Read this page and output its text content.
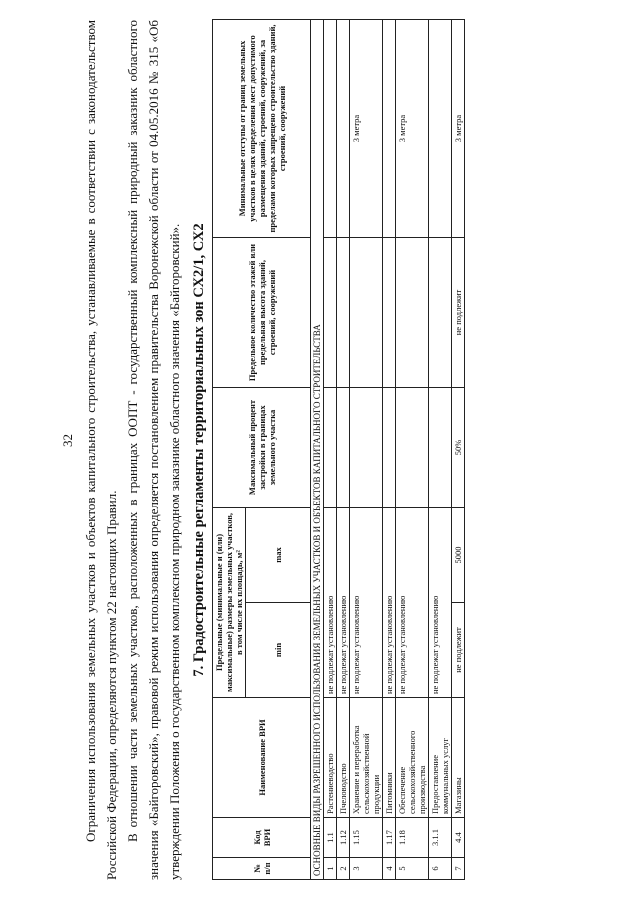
32 Ограничения использования земельных участков и объектов капитального строительства, устанавливаемые в соответствии с законодательством Российской Федерации, определяются пунктом 22 настоящих Правил. В отношении части земельных участков, расположенных в границах ООПТ - государственный комплексный природный заказник областного значения «Байгоровский», правовой режим использования определяется постановлением правительства Воронежской области от 04.05.2016 № 315 «Об утверждении Положения о государственном комплексном природном заказнике областного значения «Байгоровский». 7. Градостроительные регламенты территориальных зон СХ2/1, СХ2
№ п/п	Код ВРИ	Наименование ВРИ	Предельные (минимальные и (или) максимальные) размеры земельных участков, в том числе их площадь, м²		Максимальный процент застройки в границах земельного участка	Предельное количество этажей или предельная высота зданий, строений, сооружений	Минимальные отступы от границ земельных участков в целях определения мест допустимого размещения зданий, строений, сооружений, за пределами которых запрещено строительство зданий, строений, сооружений
			min	max			
ОСНОВНЫЕ ВИДЫ РАЗРЕШЕННОГО ИСПОЛЬЗОВАНИЯ ЗЕМЕЛЬНЫХ УЧАСТКОВ И ОБЪЕКТОВ КАПИТАЛЬНОГО СТРОИТЕЛЬСТВА							
1	1.1	Растениеводство	не подлежат установлению				
2	1.12	Пчеловодство	не подлежат установлению				
3	1.15	Хранение и переработка сельскохозяйственной продукции	не подлежат установлению				3 метра
4	1.17	Питомники	не подлежат установлению				
5	1.18	Обеспечение сельскохозяйственного производства	не подлежат установлению				3 метра
6	3.1.1	Предоставление коммунальных услуг	не подлежат установлению				
7	4.4	Магазины	не подлежит	5000	50%	не подлежит	3 метра
